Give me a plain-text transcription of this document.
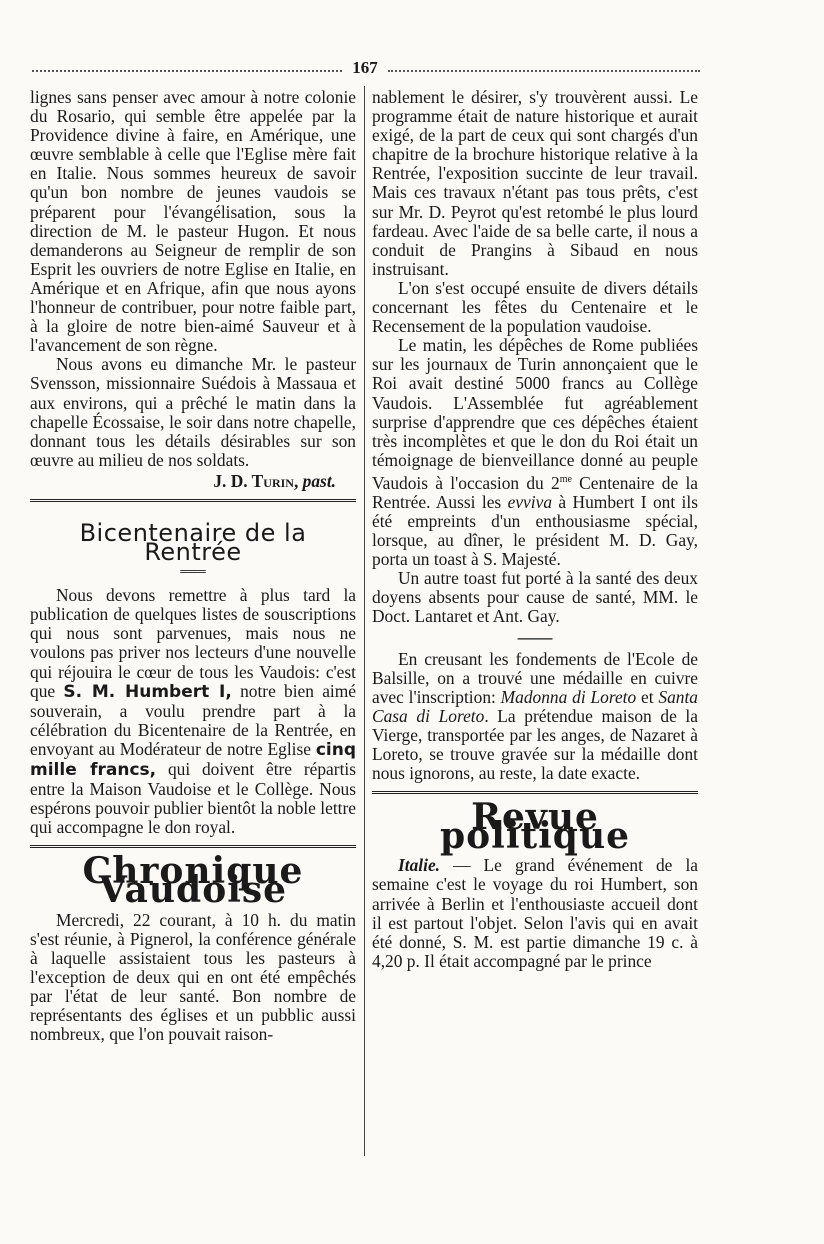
167

lignes sans penser avec amour à notre colonie du Rosario, qui semble être appelée par la Providence divine à faire, en Amérique, une œuvre semblable à celle que l'Eglise mère fait en Italie. Nous sommes heureux de savoir qu'un bon nombre de jeunes vaudois se préparent pour l'évangélisation, sous la direction de M. le pasteur Hugon. Et nous demanderons au Seigneur de remplir de son Esprit les ouvriers de notre Eglise en Italie, en Amérique et en Afrique, afin que nous ayons l'honneur de contribuer, pour notre faible part, à la gloire de notre bien-aimé Sauveur et à l'avancement de son règne.

Nous avons eu dimanche Mr. le pasteur Svensson, missionnaire Suédois à Massaua et aux environs, qui a prêché le matin dans la chapelle Écossaise, le soir dans notre chapelle, donnant tous les détails désirables sur son œuvre au milieu de nos soldats.

J. D. Turin, past.
Bicentenaire de la Rentrée
═══

Nous devons remettre à plus tard la publication de quelques listes de souscriptions qui nous sont parvenues, mais nous ne voulons pas priver nos lecteurs d'une nouvelle qui réjouira le cœur de tous les Vaudois: c'est que S. M. Humbert I, notre bien aimé souverain, a voulu prendre part à la célébration du Bicentenaire de la Rentrée, en envoyant au Modérateur de notre Eglise cinq mille francs, qui doivent être répartis entre la Maison Vaudoise et le Collège. Nous espérons pouvoir publier bientôt la noble lettre qui accompagne le don royal.

Chronique Vaudoise

Mercredi, 22 courant, à 10 h. du matin s'est réunie, à Pignerol, la conférence générale à laquelle assistaient tous les pasteurs à l'exception de deux qui en ont été empêchés par l'état de leur santé. Bon nombre de représentants des églises et un pubblic aussi nombreux, que l'on pouvait raison-

nablement le désirer, s'y trouvèrent aussi. Le programme était de nature historique et aurait exigé, de la part de ceux qui sont chargés d'un chapitre de la brochure historique relative à la Rentrée, l'exposition succinte de leur travail. Mais ces travaux n'étant pas tous prêts, c'est sur Mr. D. Peyrot qu'est retombé le plus lourd fardeau. Avec l'aide de sa belle carte, il nous a conduit de Prangins à Sibaud en nous instruisant.

L'on s'est occupé ensuite de divers détails concernant les fêtes du Centenaire et le Recensement de la population vaudoise.

Le matin, les dépêches de Rome publiées sur les journaux de Turin annonçaient que le Roi avait destiné 5000 francs au Collège Vaudois. L'Assemblée fut agréablement surprise d'apprendre que ces dépêches étaient très incomplètes et que le don du Roi était un témoignage de bienveillance donné au peuple Vaudois à l'occasion du $2^{me}$ Centenaire de la Rentrée. Aussi les evviva à Humbert I ont ils été empreints d'un enthousiasme spécial, lorsque, au dîner, le président M. D. Gay, porta un toast à S. Majesté.

Un autre toast fut porté à la santé des deux doyens absents pour cause de santé, MM. le Doct. Lantaret et Ant. Gay.

——

En creusant les fondements de l'Ecole de Balsille, on a trouvé une médaille en cuivre avec l'inscription: Madonna di Loreto et Santa Casa di Loreto. La prétendue maison de la Vierge, transportée par les anges, de Nazaret à Loreto, se trouve gravée sur la médaille dont nous ignorons, au reste, la date exacte.

Revue politique

Italie. — Le grand événement de la semaine c'est le voyage du roi Humbert, son arrivée à Berlin et l'enthousiaste accueil dont il est partout l'objet. Selon l'avis qui en avait été donné, S. M. est partie dimanche 19 c. à 4,20 p. Il était accompagné par le prince
